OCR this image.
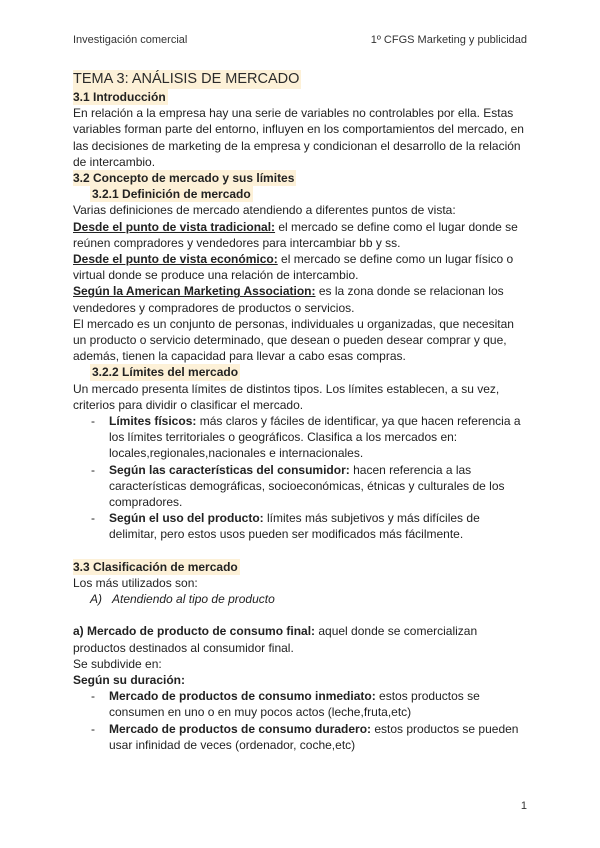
Investigación comercial	1º CFGS Marketing y publicidad
TEMA 3: ANÁLISIS DE MERCADO
3.1 Introducción

En relación a la empresa hay una serie de variables no controlables por ella. Estas variables forman parte del entorno, influyen en los comportamientos del mercado, en las decisiones de marketing de la empresa y condicionan el desarrollo de la relación de intercambio.

3.2 Concepto de mercado y sus límites
3.2.1 Definición de mercado

Varias definiciones de mercado atendiendo a diferentes puntos de vista:

Desde el punto de vista tradicional: el mercado se define como el lugar donde se reúnen compradores y vendedores para intercambiar bb y ss.

Desde el punto de vista económico: el mercado se define como un lugar físico o virtual donde se produce una relación de intercambio.

Según la American Marketing Association: es la zona donde se relacionan los vendedores y compradores de productos o servicios.

El mercado es un conjunto de personas, individuales u organizadas, que necesitan un producto o servicio determinado, que desean o pueden desear comprar y que, además, tienen la capacidad para llevar a cabo esas compras.

3.2.2 Límites del mercado

Un mercado presenta límites de distintos tipos. Los límites establecen, a su vez, criterios para dividir o clasificar el mercado.

- Límites físicos: más claros y fáciles de identificar, ya que hacen referencia a los límites territoriales o geográficos. Clasifica a los mercados en: locales,regionales,nacionales e internacionales.
- Según las características del consumidor: hacen referencia a las características demográficas, socioeconómicas, étnicas y culturales de los compradores.
- Según el uso del producto: límites más subjetivos y más difíciles de delimitar, pero estos usos pueden ser modificados más fácilmente.
3.3 Clasificación de mercado

Los más utilizados son:

A) Atendiendo al tipo de producto

a) Mercado de producto de consumo final: aquel donde se comercializan productos destinados al consumidor final.

Se subdivide en:

Según su duración:

- Mercado de productos de consumo inmediato: estos productos se consumen en uno o en muy pocos actos (leche,fruta,etc)
- Mercado de productos de consumo duradero: estos productos se pueden usar infinidad de veces (ordenador, coche,etc)
1
